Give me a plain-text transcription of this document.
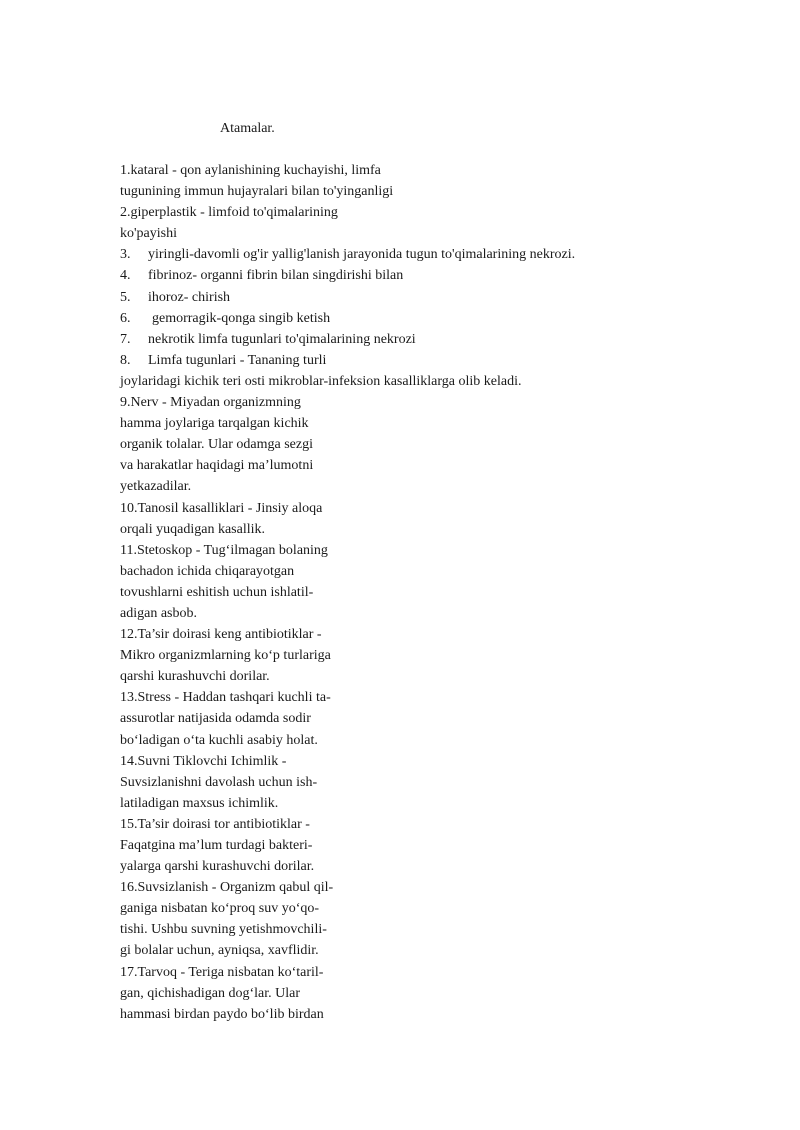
Atamalar.
1.kataral - qon aylanishining kuchayishi, limfa
tugunining immun hujayralari bilan to'yinganligi
2.giperplastik - limfoid to'qimalarining
ko'payishi
3. yiringli-davomli og'ir yallig'lanish jarayonida tugun to'qimalarining nekrozi.
4. fibrinoz- organni fibrin bilan singdirishi bilan
5. ihoroz- chirish
6. gemorragik-qonga singib ketish
7. nekrotik limfa tugunlari to'qimalarining nekrozi
8. Limfa tugunlari - Tananing turli
joylaridagi kichik teri osti mikroblar-infeksion kasalliklarga olib keladi.
9.Nerv - Miyadan organizmning
hamma joylariga tarqalgan kichik
organik tolalar. Ular odamga sezgi
va harakatlar haqidagi ma’lumotni
yetkazadilar.
10.Tanosil kasalliklari - Jinsiy aloqa
orqali yuqadigan kasallik.
11.Stetoskop - Tug‘ilmagan bolaning
bachadon ichida chiqarayotgan
tovushlarni eshitish uchun ishlatil-
adigan asbob.
12.Ta’sir doirasi keng antibiotiklar -
Mikro organizmlarning ko‘p turlariga
qarshi kurashuvchi dorilar.
13.Stress - Haddan tashqari kuchli ta-
assurotlar natijasida odamda sodir
bo‘ladigan o‘ta kuchli asabiy holat.
14.Suvni Tiklovchi Ichimlik -
Suvsizlanishni davolash uchun ish-
latiladigan maxsus ichimlik.
15.Ta’sir doirasi tor antibiotiklar -
Faqatgina ma’lum turdagi bakteri-
yalarga qarshi kurashuvchi dorilar.
16.Suvsizlanish - Organizm qabul qil-
ganiga nisbatan ko‘proq suv yo‘qo-
tishi. Ushbu suvning yetishmovchili-
gi bolalar uchun, ayniqsa, xavflidir.
17.Tarvoq - Teriga nisbatan ko‘taril-
gan, qichishadigan dog‘lar. Ular
hammasi birdan paydo bo‘lib birdan
